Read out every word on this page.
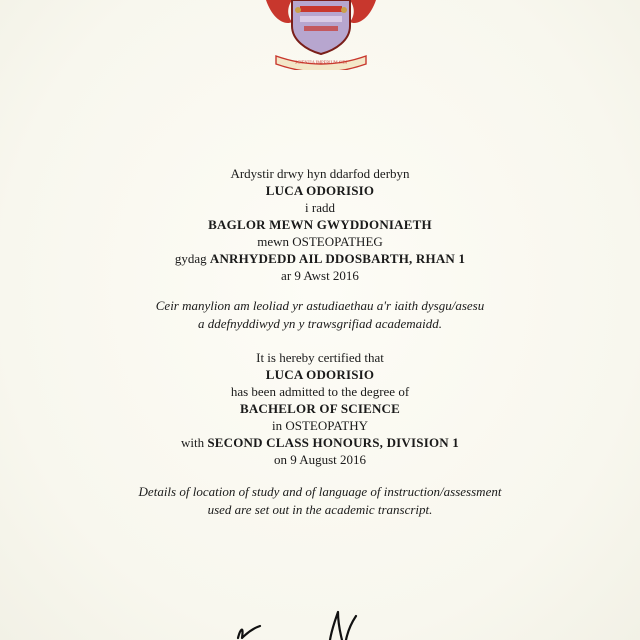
SCIENTIA IMPERIUM SIBI
Ardystir drwy hyn ddarfod derbyn
LUCA ODORISIO
i radd
BAGLOR MEWN GWYDDONIAETH
mewn OSTEOPATHEG
gydag ANRHYDEDD AIL DDOSBARTH, RHAN 1
ar 9 Awst 2016
Ceir manylion am leoliad yr astudiaethau a'r iaith dysgu/asesu
a ddefnyddiwyd yn y trawsgrifiad academaidd.
It is hereby certified that
LUCA ODORISIO
has been admitted to the degree of
BACHELOR OF SCIENCE
in OSTEOPATHY
with SECOND CLASS HONOURS, DIVISION 1
on 9 August 2016
Details of location of study and of language of instruction/assessment
used are set out in the academic transcript.
